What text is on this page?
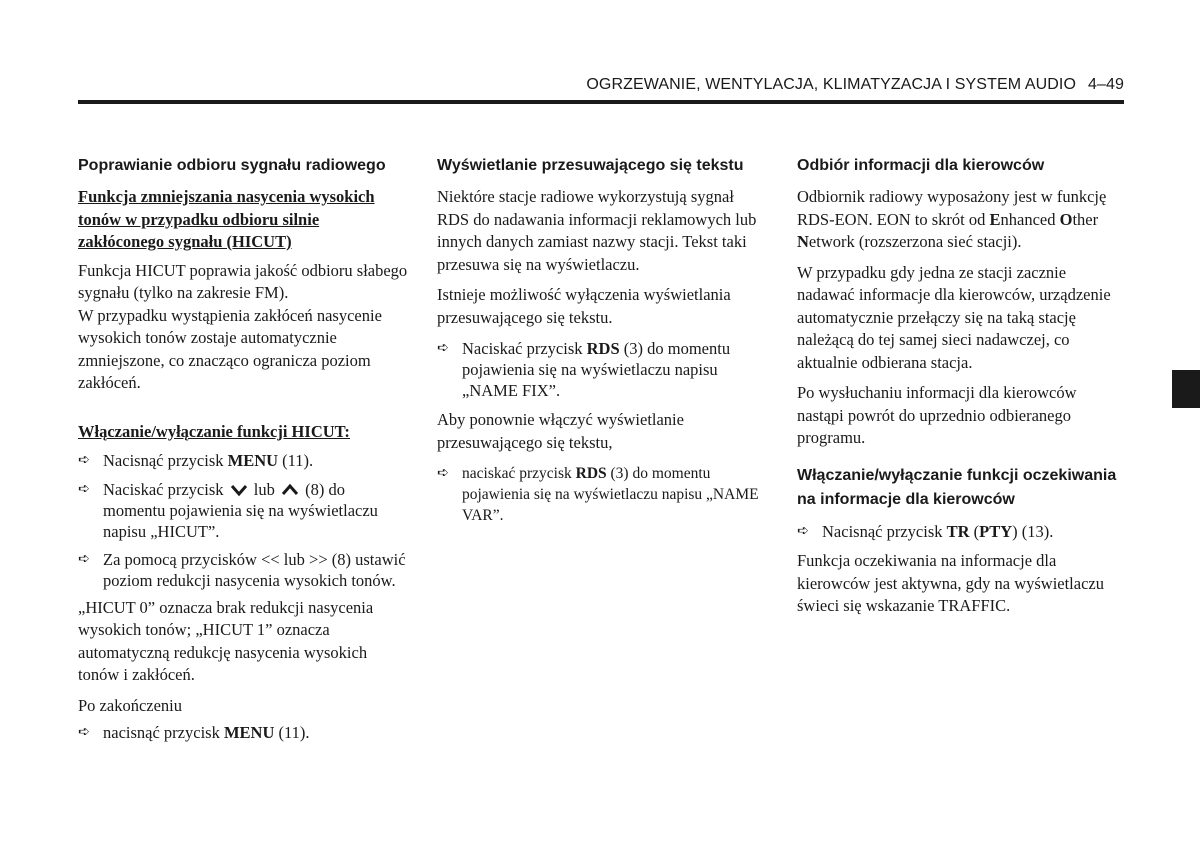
OGRZEWANIE, WENTYLACJA, KLIMATYZACJA I SYSTEM AUDIO 4–49
Poprawianie odbioru sygnału radiowego
Funkcja zmniejszania nasycenia wysokich tonów w przypadku odbioru silnie zakłóconego sygnału (HICUT)

Funkcja HICUT poprawia jakość odbioru słabego sygnału (tylko na zakresie FM).

W przypadku wystąpienia zakłóceń nasycenie wysokich tonów zostaje automatycznie zmniejszone, co znacząco ogranicza poziom zakłóceń.

Włączanie/wyłączanie funkcji HICUT:
➪ Nacisnąć przycisk MENU (11).
➪ Naciskać przycisk lub (8) do momentu pojawienia się na wyświetlaczu napisu „HICUT”.
➪ Za pomocą przycisków << lub >> (8) ustawić poziom redukcji nasycenia wysokich tonów.

„HICUT 0” oznacza brak redukcji nasycenia wysokich tonów; „HICUT 1” oznacza automatyczną redukcję nasycenia wysokich tonów i zakłóceń.

Po zakończeniu

➪ nacisnąć przycisk MENU (11).
Wyświetlanie przesuwającego się tekstu

Niektóre stacje radiowe wykorzystują sygnał RDS do nadawania informacji reklamowych lub innych danych zamiast nazwy stacji. Tekst taki przesuwa się na wyświetlaczu.

Istnieje możliwość wyłączenia wyświetlania przesuwającego się tekstu.

➪ Naciskać przycisk RDS (3) do momentu pojawienia się na wyświetlaczu napisu „NAME FIX”.

Aby ponownie włączyć wyświetlanie przesuwającego się tekstu,

➪ naciskać przycisk RDS (3) do momentu pojawienia się na wyświetlaczu napisu „NAME VAR”.
Odbiór informacji dla kierowców

Odbiornik radiowy wyposażony jest w funkcję RDS-EON. EON to skrót od Enhanced Other Network (rozszerzona sieć stacji).

W przypadku gdy jedna ze stacji zacznie nadawać informacje dla kierowców, urządzenie automatycznie przełączy się na taką stację należącą do tej samej sieci nadawczej, co aktualnie odbierana stacja.

Po wysłuchaniu informacji dla kierowców nastąpi powrót do uprzednio odbieranego programu.

Włączanie/wyłączanie funkcji oczekiwania na informacje dla kierowców
➪ Nacisnąć przycisk TR (PTY) (13).

Funkcja oczekiwania na informacje dla kierowców jest aktywna, gdy na wyświetlaczu świeci się wskazanie TRAFFIC.
